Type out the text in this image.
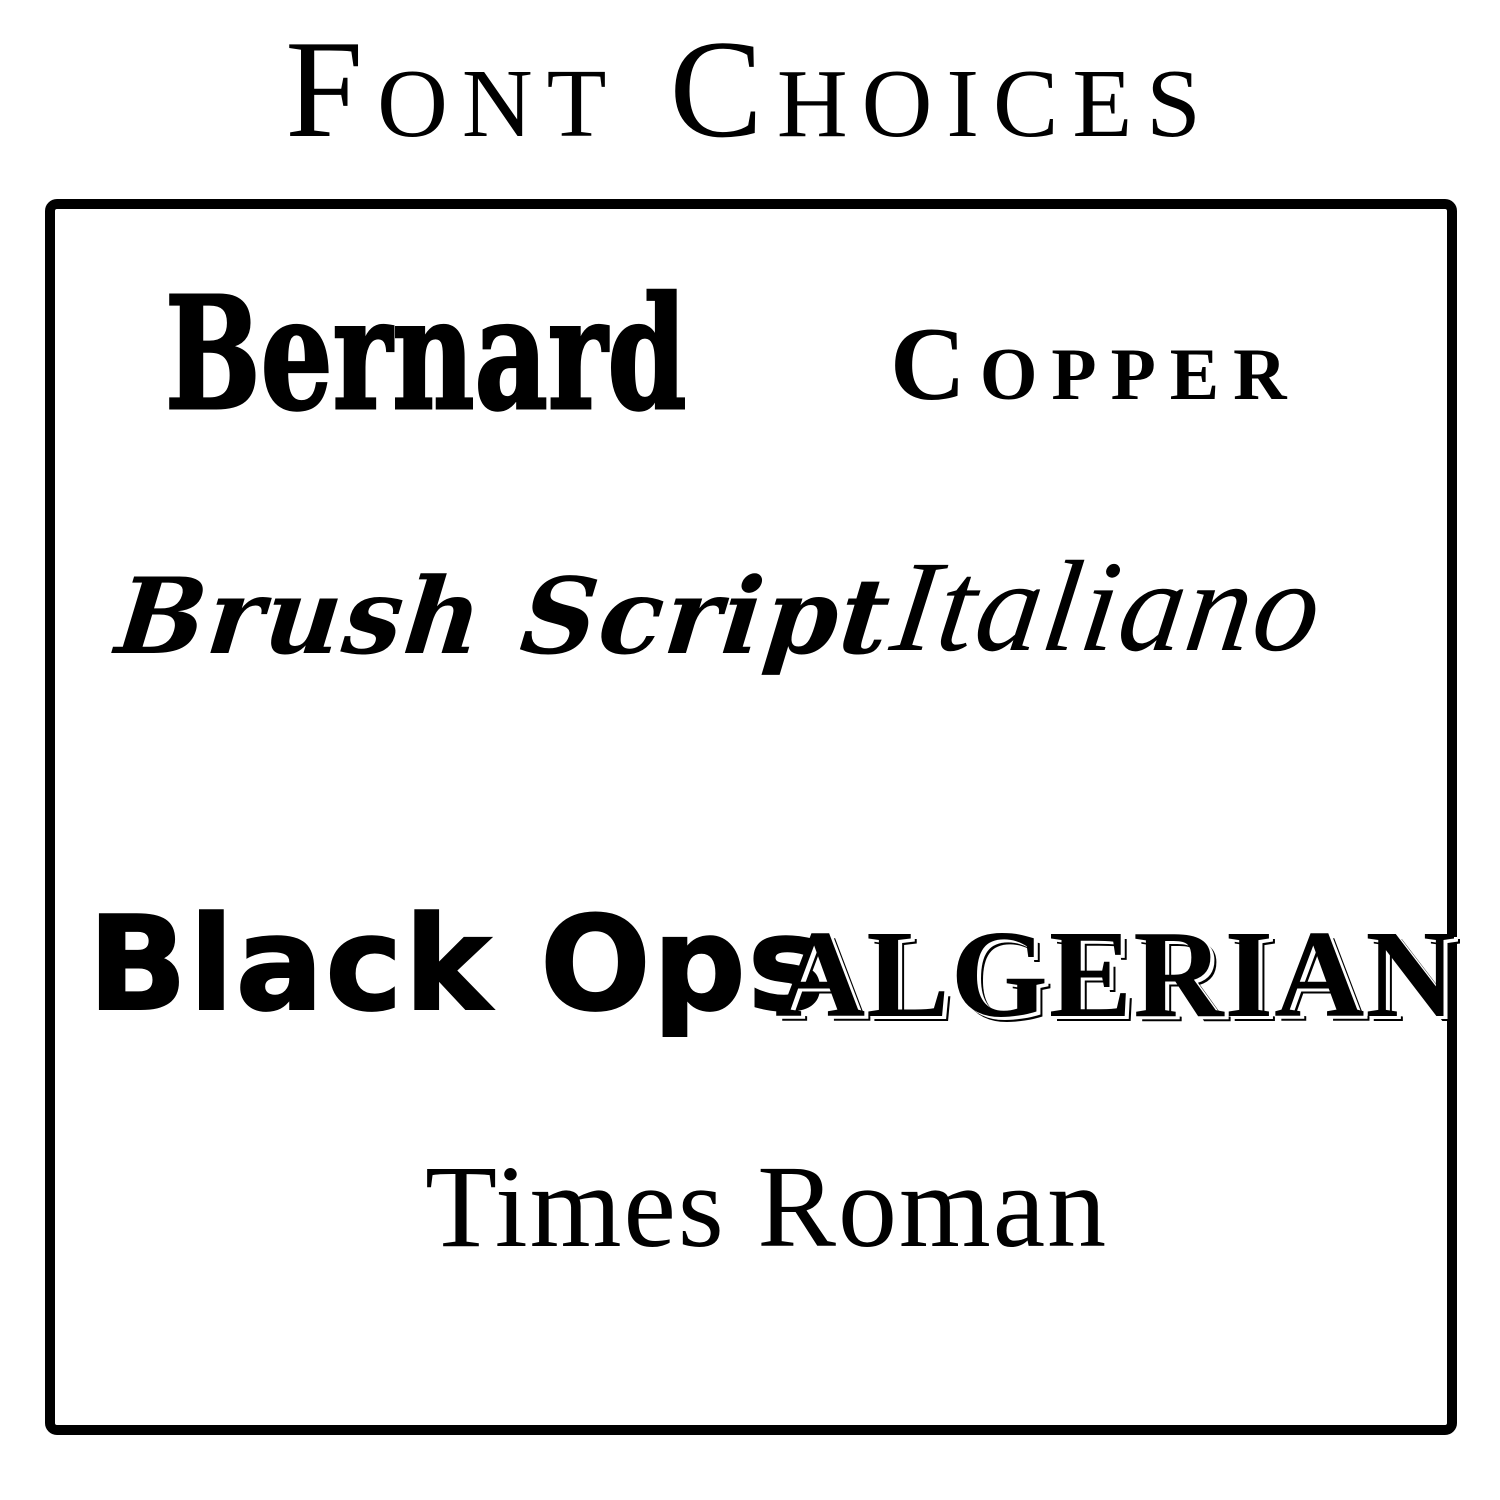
Font Choices
Bernard Copper
Brush Script
Italiano
Black Ops
ALGERIAN
Times Roman
